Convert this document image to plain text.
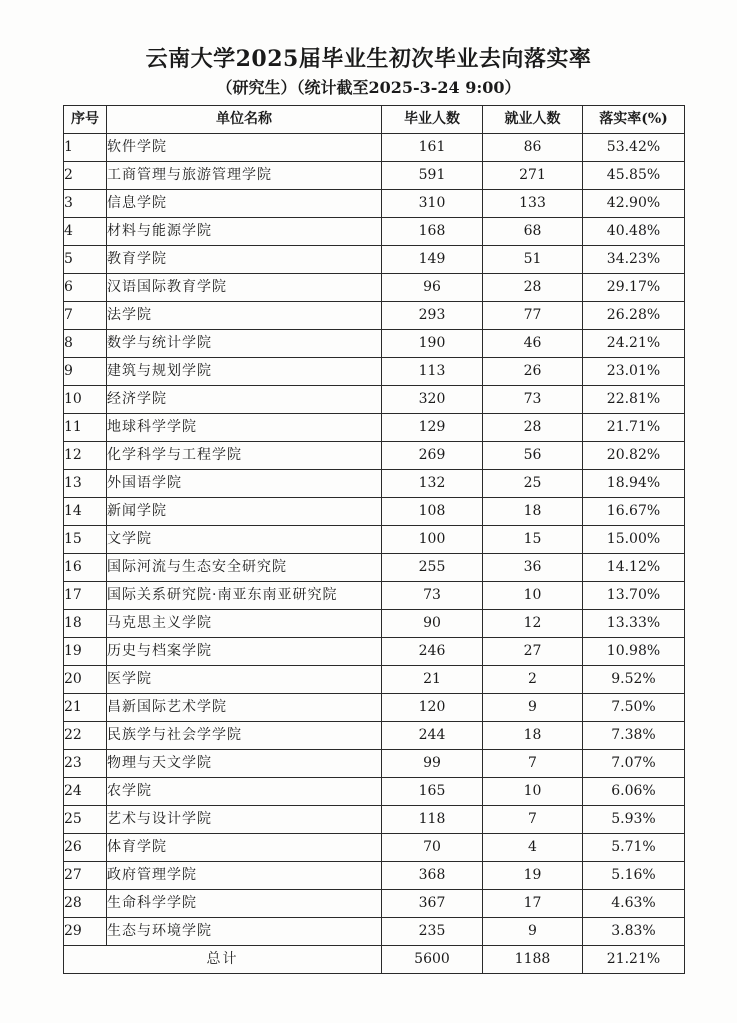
云南大学2025届毕业生初次毕业去向落实率
（研究生）（统计截至2025-3-24 9:00）
序号	单位名称	毕业人数	就业人数	落实率(%)
1	软件学院	161	86	53.42%
2	工商管理与旅游管理学院	591	271	45.85%
3	信息学院	310	133	42.90%
4	材料与能源学院	168	68	40.48%
5	教育学院	149	51	34.23%
6	汉语国际教育学院	96	28	29.17%
7	法学院	293	77	26.28%
8	数学与统计学院	190	46	24.21%
9	建筑与规划学院	113	26	23.01%
10	经济学院	320	73	22.81%
11	地球科学学院	129	28	21.71%
12	化学科学与工程学院	269	56	20.82%
13	外国语学院	132	25	18.94%
14	新闻学院	108	18	16.67%
15	文学院	100	15	15.00%
16	国际河流与生态安全研究院	255	36	14.12%
17	国际关系研究院·南亚东南亚研究院	73	10	13.70%
18	马克思主义学院	90	12	13.33%
19	历史与档案学院	246	27	10.98%
20	医学院	21	2	9.52%
21	昌新国际艺术学院	120	9	7.50%
22	民族学与社会学学院	244	18	7.38%
23	物理与天文学院	99	7	7.07%
24	农学院	165	10	6.06%
25	艺术与设计学院	118	7	5.93%
26	体育学院	70	4	5.71%
27	政府管理学院	368	19	5.16%
28	生命科学学院	367	17	4.63%
29	生态与环境学院	235	9	3.83%
总计		5600	1188	21.21%
